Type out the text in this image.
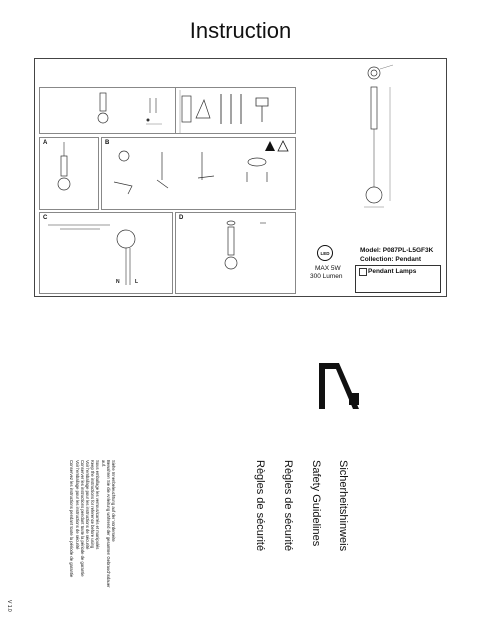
Instruction
A	B
C
N	L
D
LED
MAX 5W
300 Lumen
Model: P087PL-L5GF3K
Collection: Pendant
Pendant Lamps
Sicherheitshinweis
Safety Guidelines
Règles de sécurité
Règles de sécurité
Siehe Innenbeleuchtung auf der Vorderseite
Bewahren Sie die Anleitung während der gesamten Gebrauchsdauer
auf.
Sous emballage les verrous/carrés et manipulés
Keep the instructions for reference before using
Voir l'emballage pour les instructions de sécurité
Conserver les instructions pendant toute la période de garantie
Voir l'emballage pour les instructions de sécurité
Conservez les instructions pendant toute la période de garantie
V 1.0
